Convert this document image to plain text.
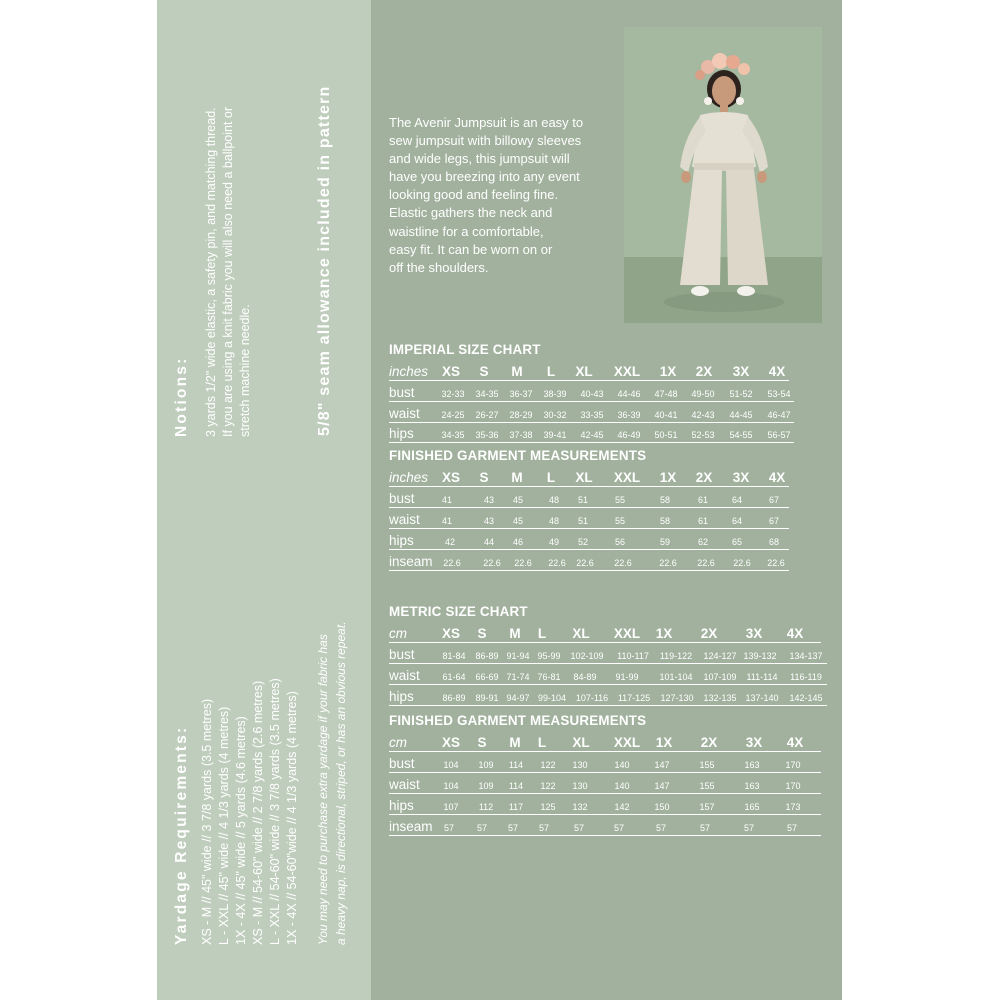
Notions: 3 yards 1/2" wide elastic, a safety pin, and matching thread. If you are using a knit fabric you will also need a ballpoint or stretch machine needle.	5/8" seam allowance included in pattern
Yardage Requirements: XS - M // 45" wide // 3 7/8 yards (3.5 metres) L - XXL // 45" wide // 4 1/3 yards (4 metres) 1X - 4X // 45" wide // 5 yards (4.6 metres) XS - M // 54-60" wide // 2 7/8 yards (2.6 metres) L - XXL // 54-60" wide // 3 7/8 yards (3.5 metres) 1X - 4X // 54-60"wide // 4 1/3 yards (4 metres) You may need to purchase extra yardage if your fabric has a heavy nap, is directional, striped, or has an obvious repeat.
The Avenir Jumpsuit is an easy to
sew jumpsuit with billowy sleeves
and wide legs, this jumpsuit will
have you breezing into any event
looking good and feeling fine.
Elastic gathers the neck and
waistline for a comfortable,
easy fit. It can be worn on or
off the shoulders.
IMPERIAL SIZE CHART
inches XS S M L XL XXL 1X 2X 3X 4X
bust	32-33 34-35 36-37 38-39 40-43 44-46 47-48 49-50 51-52 53-54
waist 24-25 26-27 28-29 30-32 33-35 36-39 40-41 42-43 44-45 46-47
hips	34-35 35-36 37-38 39-41 42-45 46-49 50-51 52-53 54-55 56-57
FINISHED GARMENT MEASUREMENTS
inches XS S M L XL XXL 1X 2X 3X 4X
bust	41	43 45	48 51	55	58	61	64	67
waist 41	43 45	48 51	55	58	61	64	67
hips	42	44 46	49 52	56	59	62	65	68
inseam 22.6 22.6 22.6 22.6 22.6 22.6	22.6 22.6 22.6 22.6
METRIC SIZE CHART
cm	XS S M L XL XXL 1X 2X 3X 4X
bust	81-84 86-89 91-94 95-99 102-109 110-117 119-122 124-127 139-132 134-137
waist	61-64 66-69 71-74 76-81 84-89 91-99 101-104 107-109 111-114 116-119
hips	86-89 89-91 94-97 99-104 107-116 117-125 127-130 132-135 137-140 142-145
FINISHED GARMENT MEASUREMENTS
cm	XS S M L XL XXL 1X 2X 3X 4X
bust	104 109 114 122 130	140	147	155	163	170
waist	104 109 114 122 130	140	147	155	163	170
hips	107 112 117 125 132	142	150	157	165	173
inseam 57	57 57 57	57	57	57	57	57	57
